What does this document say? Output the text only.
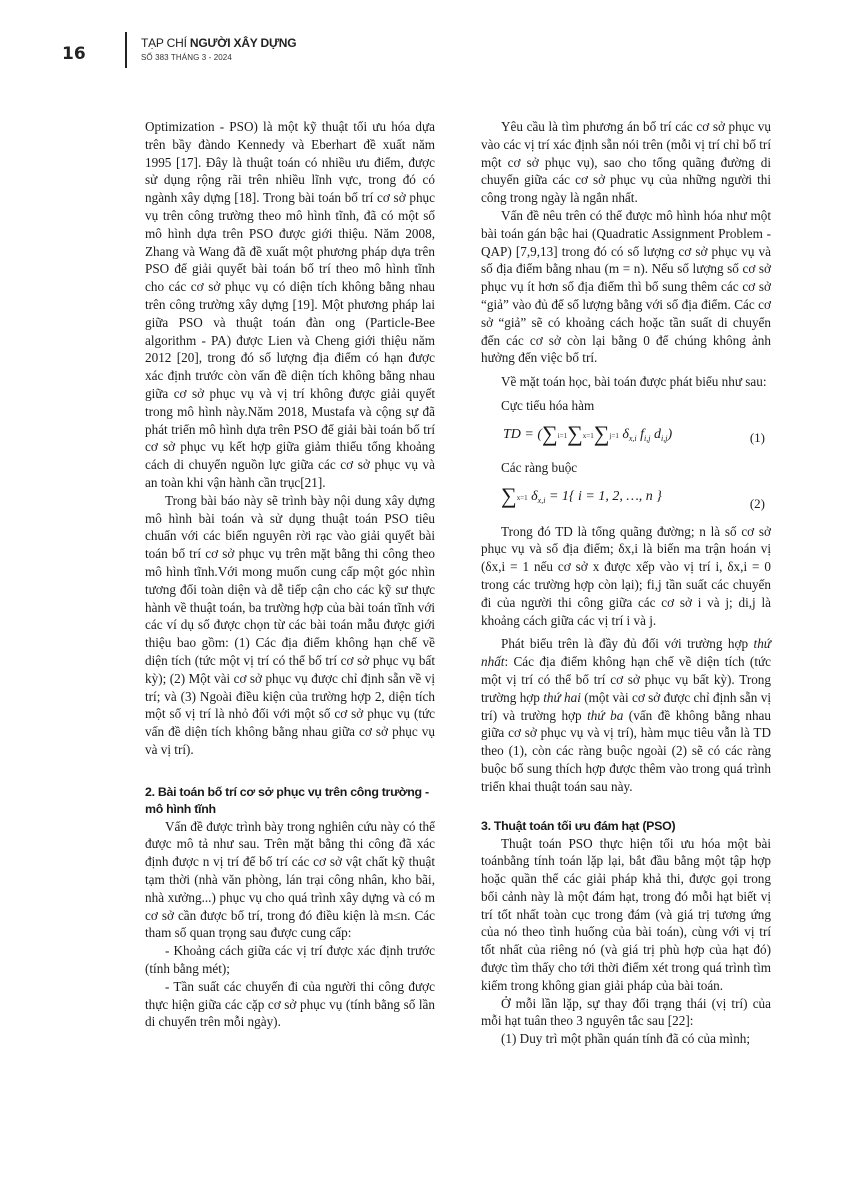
16
TẠP CHÍ NGƯỜI XÂY DỰNG
SỐ 383 THÁNG 3 - 2024

Optimization - PSO) là một kỹ thuật tối ưu hóa dựa trên bầy đàndo Kennedy và Eberhart đề xuất năm 1995 [17]. Đây là thuật toán có nhiều ưu điểm, được sử dụng rộng rãi trên nhiều lĩnh vực, trong đó có ngành xây dựng [18]. Trong bài toán bố trí cơ sở phục vụ trên công trường theo mô hình tĩnh, đã có một số mô hình dựa trên PSO được giới thiệu. Năm 2008, Zhang và Wang đã đề xuất một phương pháp dựa trên PSO để giải quyết bài toán bố trí theo mô hình tĩnh cho các cơ sở phục vụ có diện tích không bằng nhau trên công trường xây dựng [19]. Một phương pháp lai giữa PSO và thuật toán đàn ong (Particle-Bee algorithm - PA) được Lien và Cheng giới thiệu năm 2012 [20], trong đó số lượng địa điểm có hạn được xác định trước còn vấn đề diện tích không bằng nhau giữa cơ sở phục vụ và vị trí không được giải quyết trong mô hình này.Năm 2018, Mustafa và cộng sự đã phát triển mô hình dựa trên PSO để giải bài toán bố trí cơ sở phục vụ kết hợp giữa giảm thiểu tổng khoảng cách di chuyển nguồn lực giữa các cơ sở phục vụ và an toàn khi vận hành cần trục[21].

Trong bài báo này sẽ trình bày nội dung xây dựng mô hình bài toán và sử dụng thuật toán PSO tiêu chuẩn với các biến nguyên rời rạc vào giải quyết bài toán bố trí cơ sở phục vụ trên mặt bằng thi công theo mô hình tĩnh.Với mong muốn cung cấp một góc nhìn tương đối toàn diện và dễ tiếp cận cho các kỹ sư thực hành về thuật toán, ba trường hợp của bài toán tĩnh với các ví dụ số được chọn từ các bài toán mẫu được giới thiệu bao gồm: (1) Các địa điểm không hạn chế về diện tích (tức một vị trí có thể bố trí cơ sở phục vụ bất kỳ); (2) Một vài cơ sở phục vụ được chỉ định sẵn về vị trí; và (3) Ngoài điều kiện của trường hợp 2, diện tích một số vị trí là nhỏ đối với một số cơ sở phục vụ (tức vấn đề diện tích không bằng nhau giữa cơ sở phục vụ và vị trí).

2. Bài toán bố trí cơ sở phục vụ trên công trường - mô hình tĩnh

Vấn đề được trình bày trong nghiên cứu này có thể được mô tả như sau. Trên mặt bằng thi công đã xác định được n vị trí để bố trí các cơ sở vật chất kỹ thuật tạm thời (nhà văn phòng, lán trại công nhân, kho bãi, nhà xưởng...) phục vụ cho quá trình xây dựng và có m cơ sở cần được bố trí, trong đó điều kiện là m≤n. Các tham số quan trọng sau được cung cấp:

- Khoảng cách giữa các vị trí được xác định trước (tính bằng mét);

- Tần suất các chuyến đi của người thi công được thực hiện giữa các cặp cơ sở phục vụ (tính bằng số lần di chuyển trên mỗi ngày).

Yêu cầu là tìm phương án bố trí các cơ sở phục vụ vào các vị trí xác định sẵn nói trên (mỗi vị trí chỉ bố trí một cơ sở phục vụ), sao cho tổng quãng đường di chuyển giữa các cơ sở phục vụ của những người thi công trong ngày là ngắn nhất.

Vấn đề nêu trên có thể được mô hình hóa như một bài toán gán bậc hai (Quadratic Assignment Problem - QAP) [7,9,13] trong đó có số lượng cơ sở phục vụ và số địa điểm bằng nhau (m = n). Nếu số lượng số cơ sở phục vụ ít hơn số địa điểm thì bổ sung thêm các cơ sở “giả” vào đủ để số lượng bằng với số địa điểm. Các cơ sở “giả” sẽ có khoảng cách hoặc tần suất di chuyển đến các cơ sở còn lại bằng 0 để chúng không ảnh hưởng đến việc bố trí.

Về mặt toán học, bài toán được phát biểu như sau:

Cực tiểu hóa hàm

TD = (∑i=1∑x=1∑j=1 $\delta_{x,i}$ $f_{i,j}$ $d_{i,j}$)	(1)

Các ràng buộc

∑x=1 $\delta_{x,i} = 1${ i = 1, 2, …, n }	(2)

Trong đó TD là tổng quãng đường; n là số cơ sở phục vụ và số địa điểm; δx,i là biến ma trận hoán vị (δx,i = 1 nếu cơ sở x được xếp vào vị trí i, δx,i = 0 trong các trường hợp còn lại); fi,j tần suất các chuyến đi của người thi công giữa các cơ sở i và j; di,j là khoảng cách giữa các vị trí i và j.

Phát biểu trên là đầy đủ đối với trường hợp thứ nhất: Các địa điểm không hạn chế về diện tích (tức một vị trí có thể bố trí cơ sở phục vụ bất kỳ). Trong trường hợp thứ hai (một vài cơ sở được chỉ định sẵn vị trí) và trường hợp thứ ba (vấn đề không bằng nhau giữa cơ sở phục vụ và vị trí), hàm mục tiêu vẫn là TD theo (1), còn các ràng buộc ngoài (2) sẽ có các ràng buộc bổ sung thích hợp được thêm vào trong quá trình triển khai thuật toán sau này.

3. Thuật toán tối ưu đám hạt (PSO)

Thuật toán PSO thực hiện tối ưu hóa một bài toánbằng tính toán lặp lại, bắt đầu bằng một tập hợp hoặc quần thể các giải pháp khả thi, được gọi trong bối cảnh này là một đám hạt, trong đó mỗi hạt biết vị trí tốt nhất toàn cục trong đám (và giá trị tương ứng của nó theo tình huống của bài toán), cùng với vị trí tốt nhất của riêng nó (và giá trị phù hợp của hạt đó) được tìm thấy cho tới thời điểm xét trong quá trình tìm kiếm trong không gian giải pháp của bài toán.

Ở mỗi lần lặp, sự thay đổi trạng thái (vị trí) của mỗi hạt tuân theo 3 nguyên tắc sau [22]:

(1) Duy trì một phần quán tính đã có của mình;
